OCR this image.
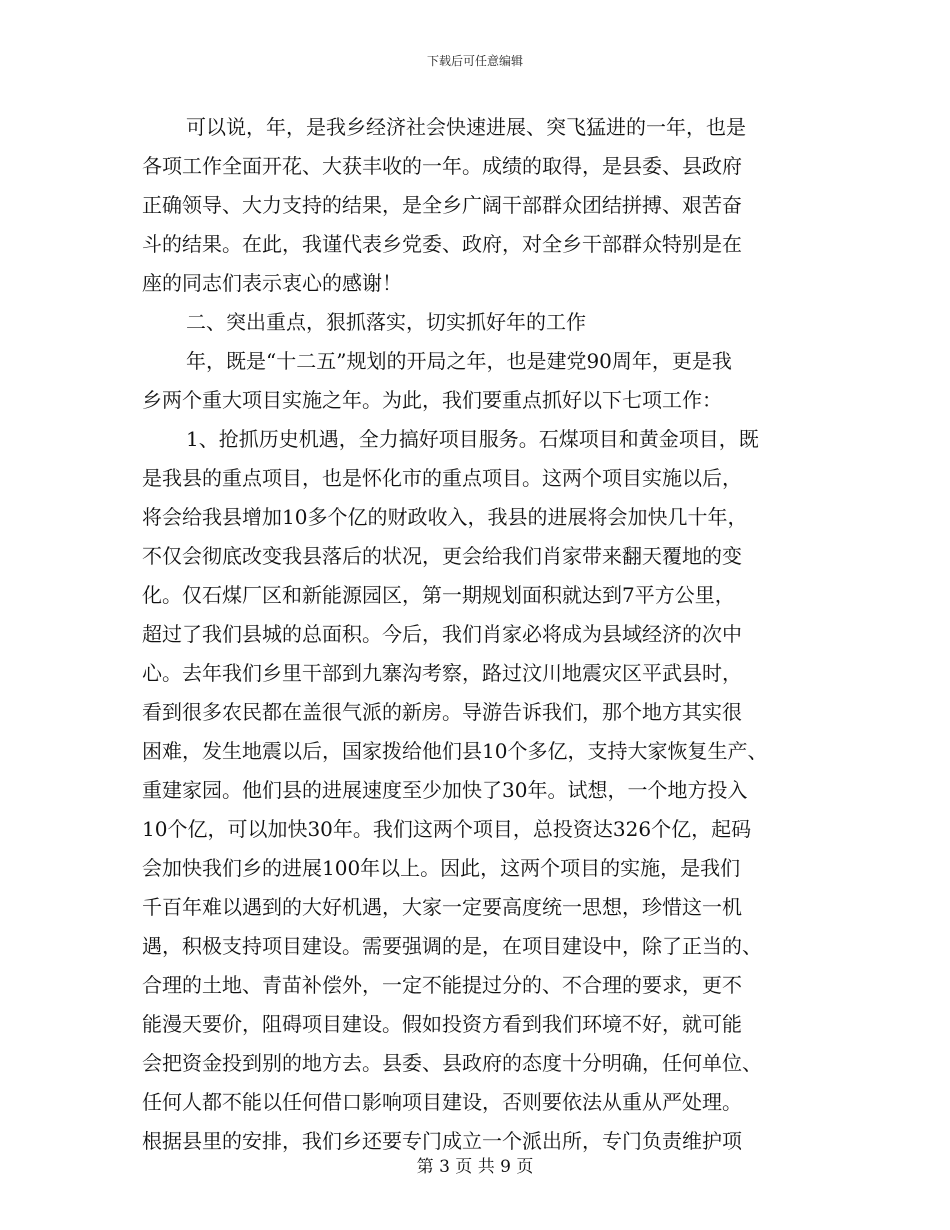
下载后可任意编辑
可以说，年，是我乡经济社会快速进展、突飞猛进的一年，也是
各项工作全面开花、大获丰收的一年。成绩的取得，是县委、县政府
正确领导、大力支持的结果，是全乡广阔干部群众团结拼搏、艰苦奋
斗的结果。在此，我谨代表乡党委、政府，对全乡干部群众特别是在
座的同志们表示衷心的感谢！
二、突出重点，狠抓落实，切实抓好年的工作
年，既是“十二五”规划的开局之年，也是建党90周年，更是我
乡两个重大项目实施之年。为此，我们要重点抓好以下七项工作：
1、抢抓历史机遇，全力搞好项目服务。石煤项目和黄金项目，既
是我县的重点项目，也是怀化市的重点项目。这两个项目实施以后，
将会给我县增加10多个亿的财政收入，我县的进展将会加快几十年，
不仅会彻底改变我县落后的状况，更会给我们肖家带来翻天覆地的变
化。仅石煤厂区和新能源园区，第一期规划面积就达到7平方公里，
超过了我们县城的总面积。今后，我们肖家必将成为县域经济的次中
心。去年我们乡里干部到九寨沟考察，路过汶川地震灾区平武县时，
看到很多农民都在盖很气派的新房。导游告诉我们，那个地方其实很
困难，发生地震以后，国家拨给他们县10个多亿，支持大家恢复生产、
重建家园。他们县的进展速度至少加快了30年。试想，一个地方投入
10个亿，可以加快30年。我们这两个项目，总投资达326个亿，起码
会加快我们乡的进展100年以上。因此，这两个项目的实施，是我们
千百年难以遇到的大好机遇，大家一定要高度统一思想，珍惜这一机
遇，积极支持项目建设。需要强调的是，在项目建设中，除了正当的、
合理的土地、青苗补偿外，一定不能提过分的、不合理的要求，更不
能漫天要价，阻碍项目建设。假如投资方看到我们环境不好，就可能
会把资金投到别的地方去。县委、县政府的态度十分明确，任何单位、
任何人都不能以任何借口影响项目建设，否则要依法从重从严处理。
根据县里的安排，我们乡还要专门成立一个派出所，专门负责维护项
第 3 页 共 9 页
